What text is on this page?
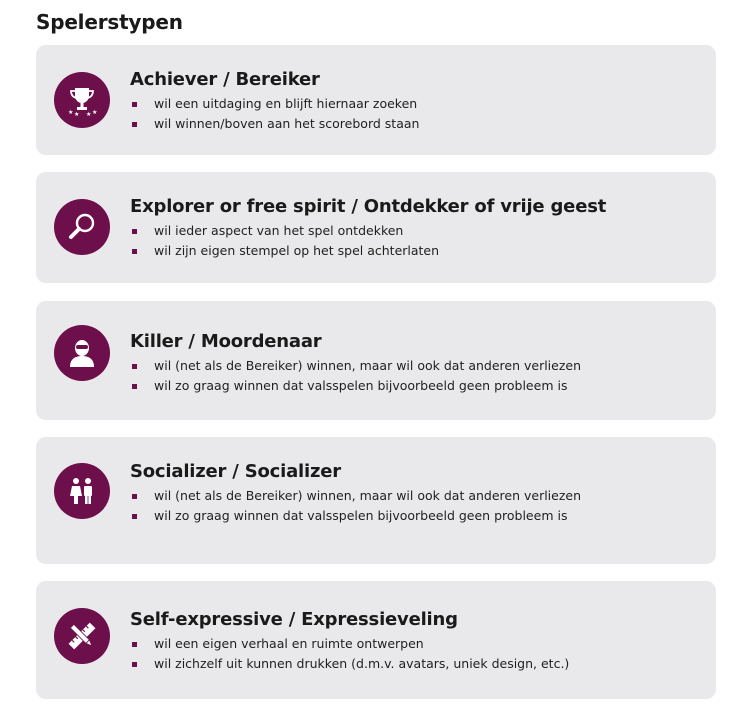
Spelerstypen
★ ★ ★ ★
Achiever / Bereiker
wil een uitdaging en blijft hiernaar zoeken
wil winnen/boven aan het scorebord staan
Explorer or free spirit / Ontdekker of vrije geest
wil ieder aspect van het spel ontdekken
wil zijn eigen stempel op het spel achterlaten
Killer / Moordenaar
wil (net als de Bereiker) winnen, maar wil ook dat anderen verliezen
wil zo graag winnen dat valsspelen bijvoorbeeld geen probleem is
Socializer / Socializer
wil (net als de Bereiker) winnen, maar wil ook dat anderen verliezen
wil zo graag winnen dat valsspelen bijvoorbeeld geen probleem is
Self-expressive / Expressieveling
wil een eigen verhaal en ruimte ontwerpen
wil zichzelf uit kunnen drukken (d.m.v. avatars, uniek design, etc.)
